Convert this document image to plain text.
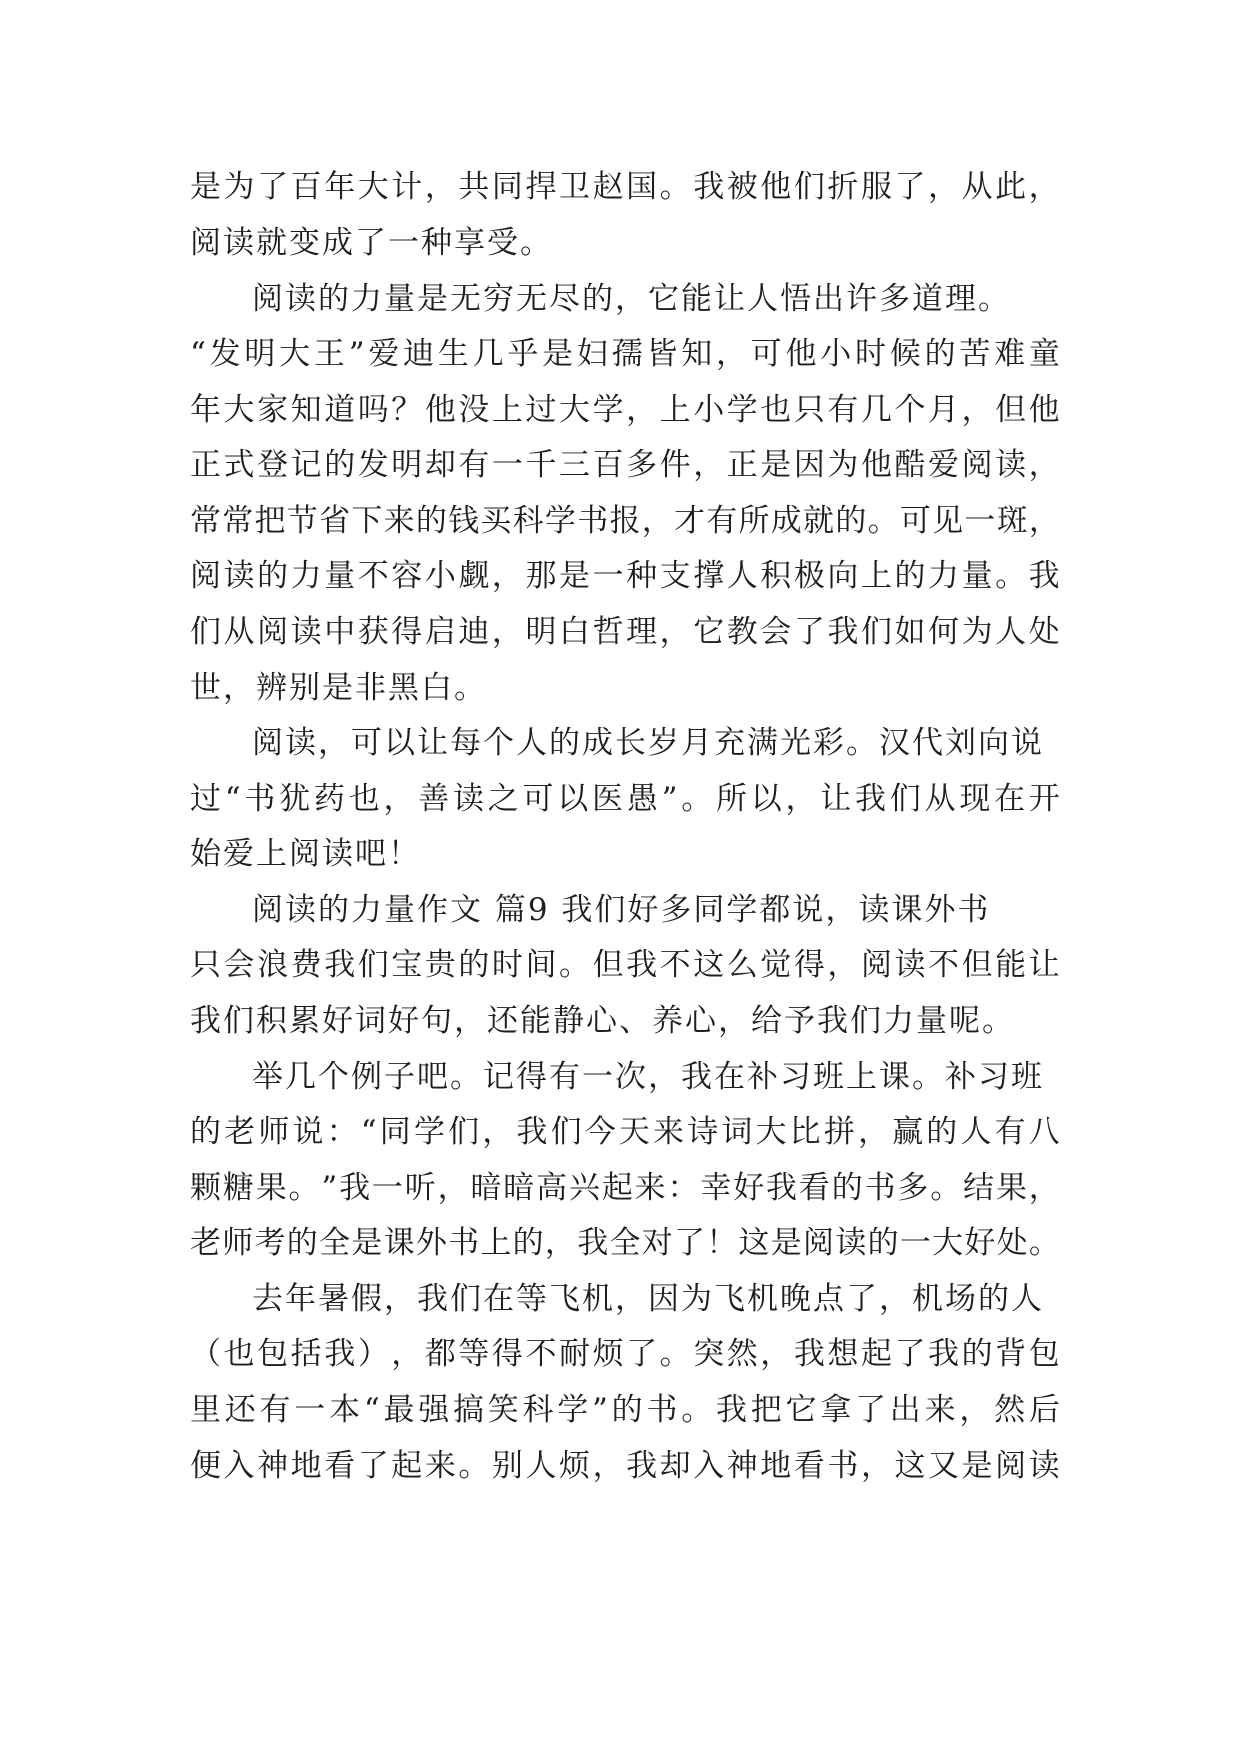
是 为 了 百 年 大 计 ， 共 同 捍 卫 赵 国 。 我 被 他 们 折 服 了 ， 从 此 ，
阅读就变成了一种享受。
阅读的力量是无穷无尽的，它能让人悟出许多道理。
“ 发 明 大 王 ” 爱 迪 生 几 乎 是 妇 孺 皆 知 ， 可 他 小 时 候 的 苦 难 童
年 大 家 知 道 吗 ？ 他 没 上 过 大 学 ， 上 小 学 也 只 有 几 个 月 ， 但 他
正 式 登 记 的 发 明 却 有 一 千 三 百 多 件 ， 正 是 因 为 他 酷 爱 阅 读 ，
常 常 把 节 省 下 来 的 钱 买 科 学 书 报 ， 才 有 所 成 就 的 。 可 见 一 斑 ，
阅 读 的 力 量 不 容 小 觑 ， 那 是 一 种 支 撑 人 积 极 向 上 的 力 量 。 我
们 从 阅 读 中 获 得 启 迪 ， 明 白 哲 理 ， 它 教 会 了 我 们 如 何 为 人 处
世，辨别是非黑白。
阅读，可以让每个人的成长岁月充满光彩。汉代刘向说
过 “ 书 犹 药 也 ， 善 读 之 可 以 医 愚 ” 。 所 以 ， 让 我 们 从 现 在 开
始爱上阅读吧！
阅读的力量作文 篇9 我们好多同学都说，读课外书
只 会 浪 费 我 们 宝 贵 的 时 间 。 但 我 不 这 么 觉 得 ， 阅 读 不 但 能 让
我们积累好词好句，还能静心、养心，给予我们力量呢。
举几个例子吧。记得有一次，我在补习班上课。补习班
的 老 师 说 ： “ 同 学 们 ， 我 们 今 天 来 诗 词 大 比 拼 ， 赢 的 人 有 八
颗 糖 果 。 ” 我 一 听 ， 暗 暗 高 兴 起 来 ： 幸 好 我 看 的 书 多 。 结 果 ，
老 师 考 的 全 是 课 外 书 上 的 ， 我 全 对 了 ！ 这 是 阅 读 的 一 大 好 处 。
去年暑假，我们在等飞机，因为飞机晚点了，机场的人
（ 也 包 括 我 ） ， 都 等 得 不 耐 烦 了 。 突 然 ， 我 想 起 了 我 的 背 包
里 还 有 一 本 “ 最 强 搞 笑 科 学 ” 的 书 。 我 把 它 拿 了 出 来 ， 然 后
便 入 神 地 看 了 起 来 。 别 人 烦 ， 我 却 入 神 地 看 书 ， 这 又 是 阅 读
